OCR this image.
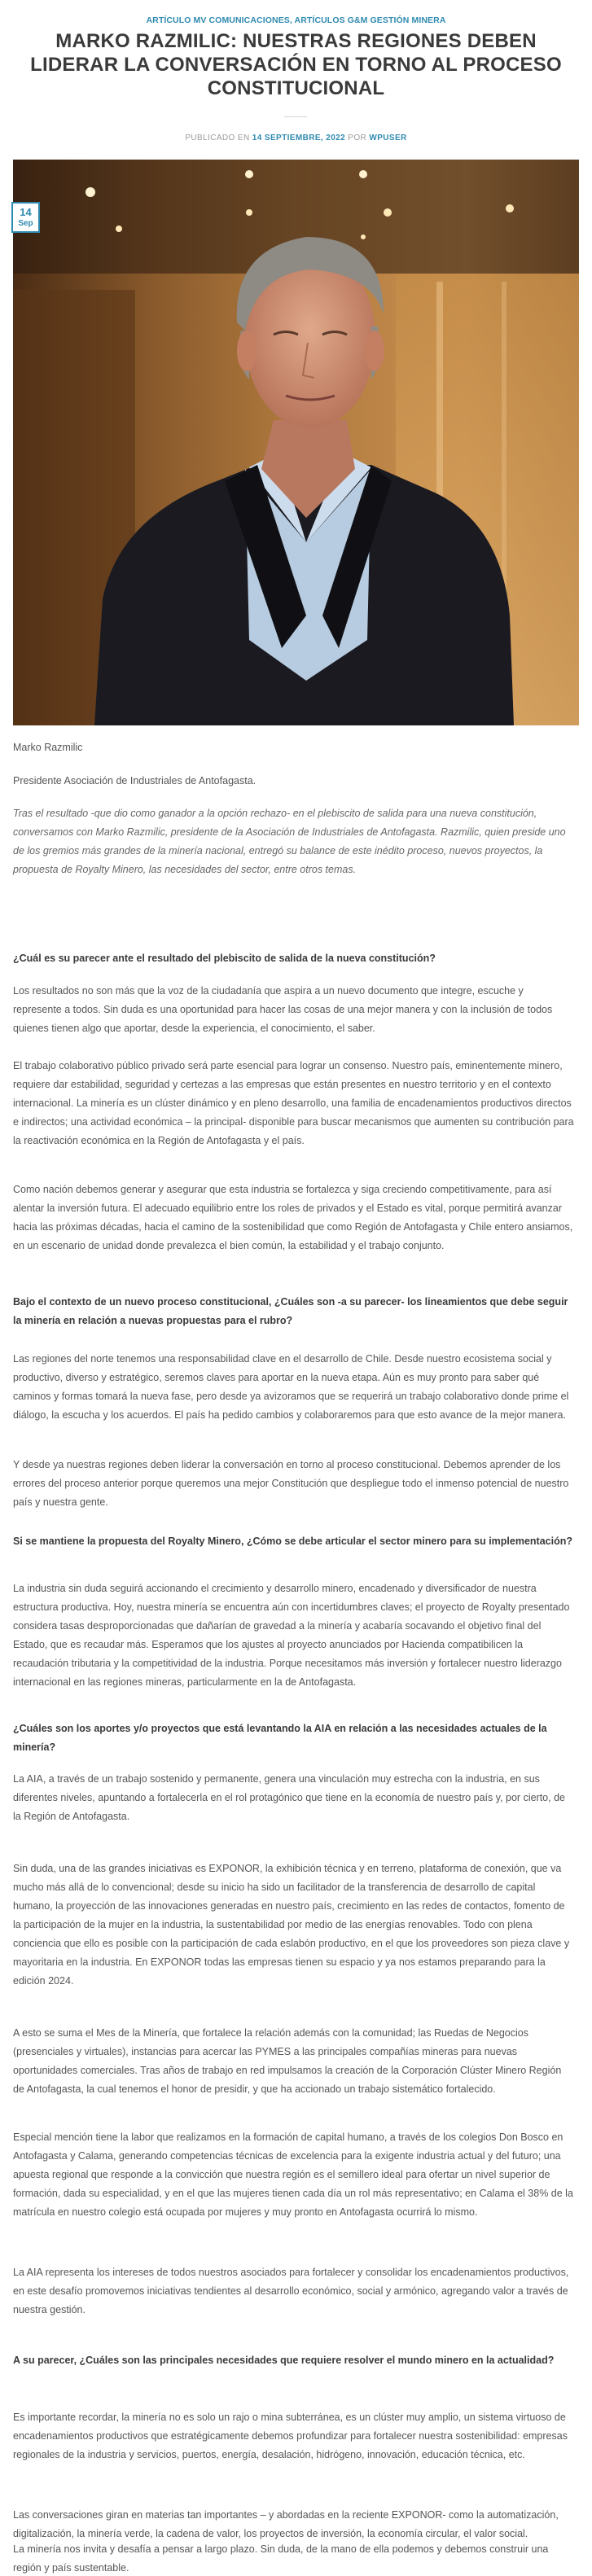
ARTÍCULO MV COMUNICACIONES, ARTÍCULOS G&M GESTIÓN MINERA
MARKO RAZMILIC: NUESTRAS REGIONES DEBEN LIDERAR LA CONVERSACIÓN EN TORNO AL PROCESO CONSTITUCIONAL
PUBLICADO EN 14 SEPTIEMBRE, 2022 POR WPUSER
14
Sep

Marko Razmilic

Presidente Asociación de Industriales de Antofagasta.

Tras el resultado -que dio como ganador a la opción rechazo- en el plebiscito de salida para una nueva constitución, conversamos con Marko Razmilic, presidente de la Asociación de Industriales de Antofagasta. Razmilic, quien preside uno de los gremios más grandes de la minería nacional, entregó su balance de este inédito proceso, nuevos proyectos, la propuesta de Royalty Minero, las necesidades del sector, entre otros temas.

¿Cuál es su parecer ante el resultado del plebiscito de salida de la nueva constitución?

Los resultados no son más que la voz de la ciudadanía que aspira a un nuevo documento que integre, escuche y represente a todos. Sin duda es una oportunidad para hacer las cosas de una mejor manera y con la inclusión de todos quienes tienen algo que aportar, desde la experiencia, el conocimiento, el saber.

El trabajo colaborativo público privado será parte esencial para lograr un consenso. Nuestro país, eminentemente minero, requiere dar estabilidad, seguridad y certezas a las empresas que están presentes en nuestro territorio y en el contexto internacional. La minería es un clúster dinámico y en pleno desarrollo, una familia de encadenamientos productivos directos e indirectos; una actividad económica – la principal- disponible para buscar mecanismos que aumenten su contribución para la reactivación económica en la Región de Antofagasta y el país.

Como nación debemos generar y asegurar que esta industria se fortalezca y siga creciendo competitivamente, para así alentar la inversión futura. El adecuado equilibrio entre los roles de privados y el Estado es vital, porque permitirá avanzar hacia las próximas décadas, hacia el camino de la sostenibilidad que como Región de Antofagasta y Chile entero ansiamos, en un escenario de unidad donde prevalezca el bien común, la estabilidad y el trabajo conjunto.

Bajo el contexto de un nuevo proceso constitucional, ¿Cuáles son -a su parecer- los lineamientos que debe seguir la minería en relación a nuevas propuestas para el rubro?

Las regiones del norte tenemos una responsabilidad clave en el desarrollo de Chile. Desde nuestro ecosistema social y productivo, diverso y estratégico, seremos claves para aportar en la nueva etapa. Aún es muy pronto para saber qué caminos y formas tomará la nueva fase, pero desde ya avizoramos que se requerirá un trabajo colaborativo donde prime el diálogo, la escucha y los acuerdos. El país ha pedido cambios y colaboraremos para que esto avance de la mejor manera.

Y desde ya nuestras regiones deben liderar la conversación en torno al proceso constitucional. Debemos aprender de los errores del proceso anterior porque queremos una mejor Constitución que despliegue todo el inmenso potencial de nuestro país y nuestra gente.

Si se mantiene la propuesta del Royalty Minero, ¿Cómo se debe articular el sector minero para su implementación?

La industria sin duda seguirá accionando el crecimiento y desarrollo minero, encadenado y diversificador de nuestra estructura productiva. Hoy, nuestra minería se encuentra aún con incertidumbres claves; el proyecto de Royalty presentado considera tasas desproporcionadas que dañarían de gravedad a la minería y acabaría socavando el objetivo final del Estado, que es recaudar más. Esperamos que los ajustes al proyecto anunciados por Hacienda compatibilicen la recaudación tributaria y la competitividad de la industria. Porque necesitamos más inversión y fortalecer nuestro liderazgo internacional en las regiones mineras, particularmente en la de Antofagasta.

¿Cuáles son los aportes y/o proyectos que está levantando la AIA en relación a las necesidades actuales de la minería?

La AIA, a través de un trabajo sostenido y permanente, genera una vinculación muy estrecha con la industria, en sus diferentes niveles, apuntando a fortalecerla en el rol protagónico que tiene en la economía de nuestro país y, por cierto, de la Región de Antofagasta.

Sin duda, una de las grandes iniciativas es EXPONOR, la exhibición técnica y en terreno, plataforma de conexión, que va mucho más allá de lo convencional; desde su inicio ha sido un facilitador de la transferencia de desarrollo de capital humano, la proyección de las innovaciones generadas en nuestro país, crecimiento en las redes de contactos, fomento de la participación de la mujer en la industria, la sustentabilidad por medio de las energías renovables. Todo con plena conciencia que ello es posible con la participación de cada eslabón productivo, en el que los proveedores son pieza clave y mayoritaria en la industria. En EXPONOR todas las empresas tienen su espacio y ya nos estamos preparando para la edición 2024.

A esto se suma el Mes de la Minería, que fortalece la relación además con la comunidad; las Ruedas de Negocios (presenciales y virtuales), instancias para acercar las PYMES a las principales compañías mineras para nuevas oportunidades comerciales. Tras años de trabajo en red impulsamos la creación de la Corporación Clúster Minero Región de Antofagasta, la cual tenemos el honor de presidir, y que ha accionado un trabajo sistemático fortalecido.

Especial mención tiene la labor que realizamos en la formación de capital humano, a través de los colegios Don Bosco en Antofagasta y Calama, generando competencias técnicas de excelencia para la exigente industria actual y del futuro; una apuesta regional que responde a la convicción que nuestra región es el semillero ideal para ofertar un nivel superior de formación, dada su especialidad, y en el que las mujeres tienen cada día un rol más representativo; en Calama el 38% de la matrícula en nuestro colegio está ocupada por mujeres y muy pronto en Antofagasta ocurrirá lo mismo.

La AIA representa los intereses de todos nuestros asociados para fortalecer y consolidar los encadenamientos productivos, en este desafío promovemos iniciativas tendientes al desarrollo económico, social y armónico, agregando valor a través de nuestra gestión.

A su parecer, ¿Cuáles son las principales necesidades que requiere resolver el mundo minero en la actualidad?

Es importante recordar, la minería no es solo un rajo o mina subterránea, es un clúster muy amplio, un sistema virtuoso de encadenamientos productivos que estratégicamente debemos profundizar para fortalecer nuestra sostenibilidad: empresas regionales de la industria y servicios, puertos, energía, desalación, hidrógeno, innovación, educación técnica, etc.

Las conversaciones giran en materias tan importantes – y abordadas en la reciente EXPONOR- como la automatización, digitalización, la minería verde, la cadena de valor, los proyectos de inversión, la economía circular, el valor social.

La minería nos invita y desafía a pensar a largo plazo. Sin duda, de la mano de ella podemos y debemos construir una región y país sustentable.
